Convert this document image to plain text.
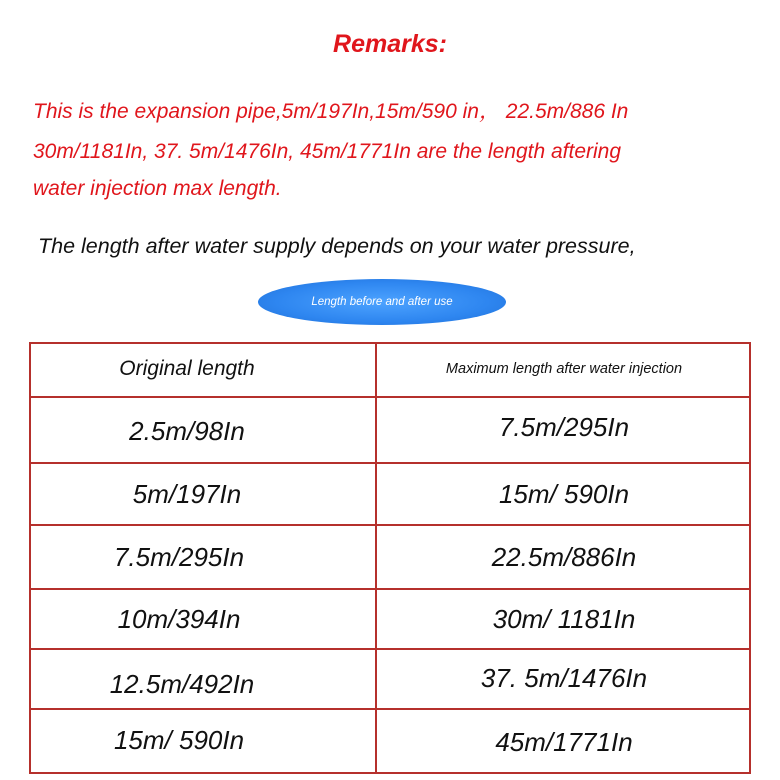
Remarks:
This is the expansion pipe,5m/197In,15m/590 in， 22.5m/886 In
30m/1181In, 37. 5m/1476In, 45m/1771In are the length aftering
water injection max length.
The length after water supply depends on your water pressure,
Length before and after use
Original length	Maximum length after water injection
2.5m/98In	7.5m/295In
5m/197In	15m/ 590In
7.5m/295In	22.5m/886In
10m/394In	30m/ 1181In
12.5m/492In	37. 5m/1476In
15m/ 590In	45m/1771In
